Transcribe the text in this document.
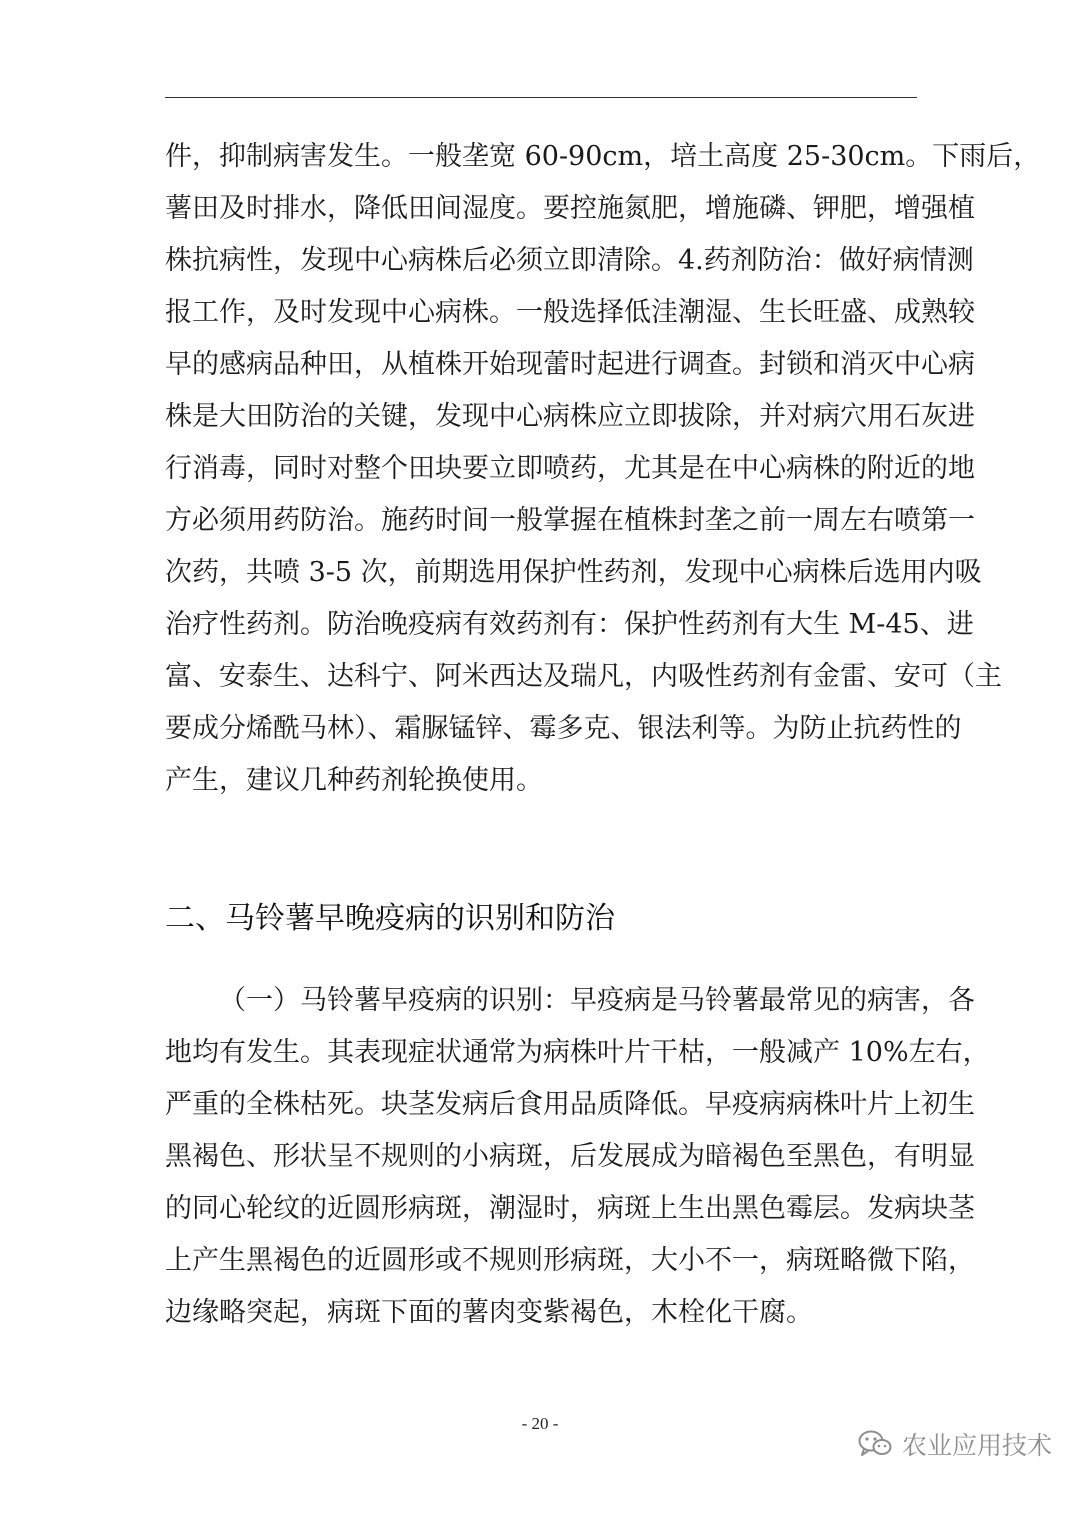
件，抑制病害发生。一般垄宽 60-90cm，培土高度 25-30cm。下雨后，
薯田及时排水，降低田间湿度。要控施氮肥，增施磷、钾肥，增强植
株抗病性，发现中心病株后必须立即清除。4.药剂防治：做好病情测
报工作，及时发现中心病株。一般选择低洼潮湿、生长旺盛、成熟较
早的感病品种田，从植株开始现蕾时起进行调查。封锁和消灭中心病
株是大田防治的关键，发现中心病株应立即拔除，并对病穴用石灰进
行消毒，同时对整个田块要立即喷药，尤其是在中心病株的附近的地
方必须用药防治。施药时间一般掌握在植株封垄之前一周左右喷第一
次药，共喷 3-5 次，前期选用保护性药剂，发现中心病株后选用内吸
治疗性药剂。防治晚疫病有效药剂有：保护性药剂有大生 M-45、进
富、安泰生、达科宁、阿米西达及瑞凡，内吸性药剂有金雷、安可（主
要成分烯酰马林）、霜脲锰锌、霉多克、银法利等。为防止抗药性的
产生，建议几种药剂轮换使用。
二、马铃薯早晚疫病的识别和防治
（一）马铃薯早疫病的识别：早疫病是马铃薯最常见的病害，各
地均有发生。其表现症状通常为病株叶片干枯，一般减产 10%左右，
严重的全株枯死。块茎发病后食用品质降低。早疫病病株叶片上初生
黑褐色、形状呈不规则的小病斑，后发展成为暗褐色至黑色，有明显
的同心轮纹的近圆形病斑，潮湿时，病斑上生出黑色霉层。发病块茎
上产生黑褐色的近圆形或不规则形病斑，大小不一，病斑略微下陷，
边缘略突起，病斑下面的薯肉变紫褐色，木栓化干腐。
- 20 -
农业应用技术
